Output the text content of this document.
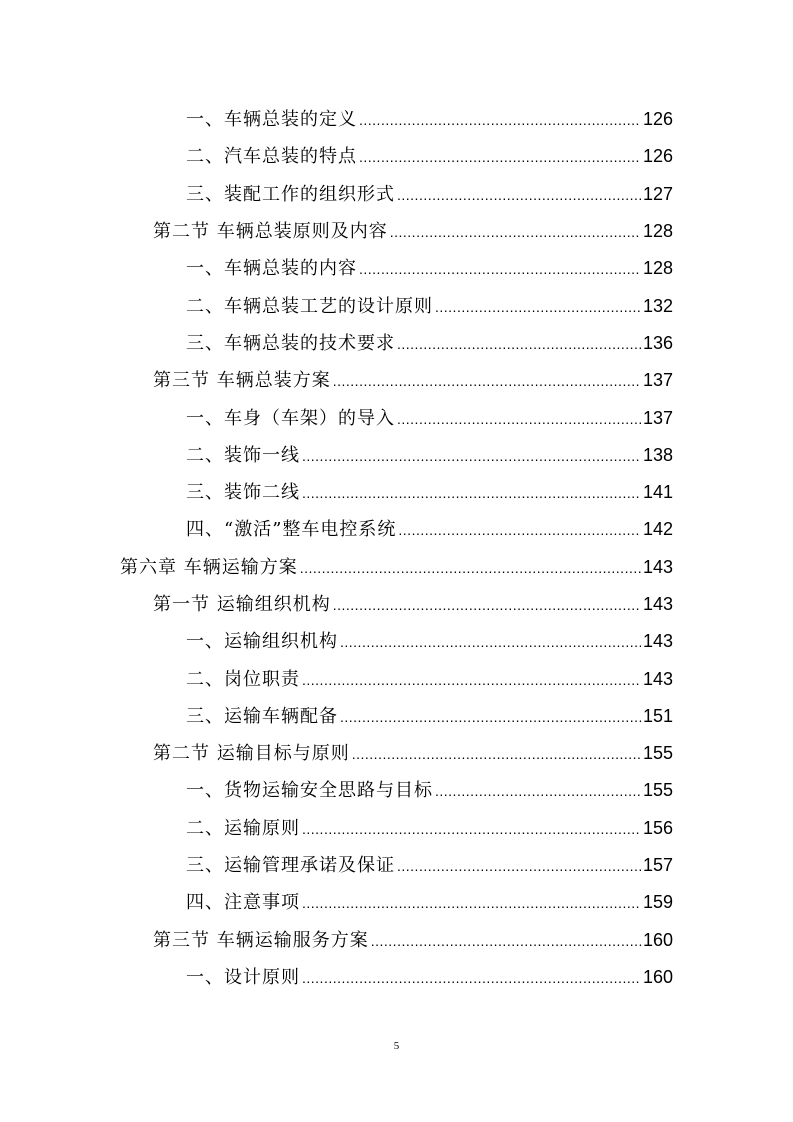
一、车辆总装的定义 .....	126
二、汽车总装的特点 .....	126
三、装配工作的组织形式 .....	127
第二节 车辆总装原则及内容 .....	128
一、车辆总装的内容 .....	128
二、车辆总装工艺的设计原则 .....	132
三、车辆总装的技术要求 .....	136
第三节 车辆总装方案 .....	137
一、车身（车架）的导入 .....	137
二、装饰一线 .....	138
三、装饰二线 .....	141
四、“激活”整车电控系统 .....	142
第六章 车辆运输方案 .....	143
第一节 运输组织机构 .....	143
一、运输组织机构 .....	143
二、岗位职责 .....	143
三、运输车辆配备 .....	151
第二节 运输目标与原则 .....	155
一、货物运输安全思路与目标 .....	155
二、运输原则 .....	156
三、运输管理承诺及保证 .....	157
四、注意事项 .....	159
第三节 车辆运输服务方案 .....	160
一、设计原则 .....	160
5
